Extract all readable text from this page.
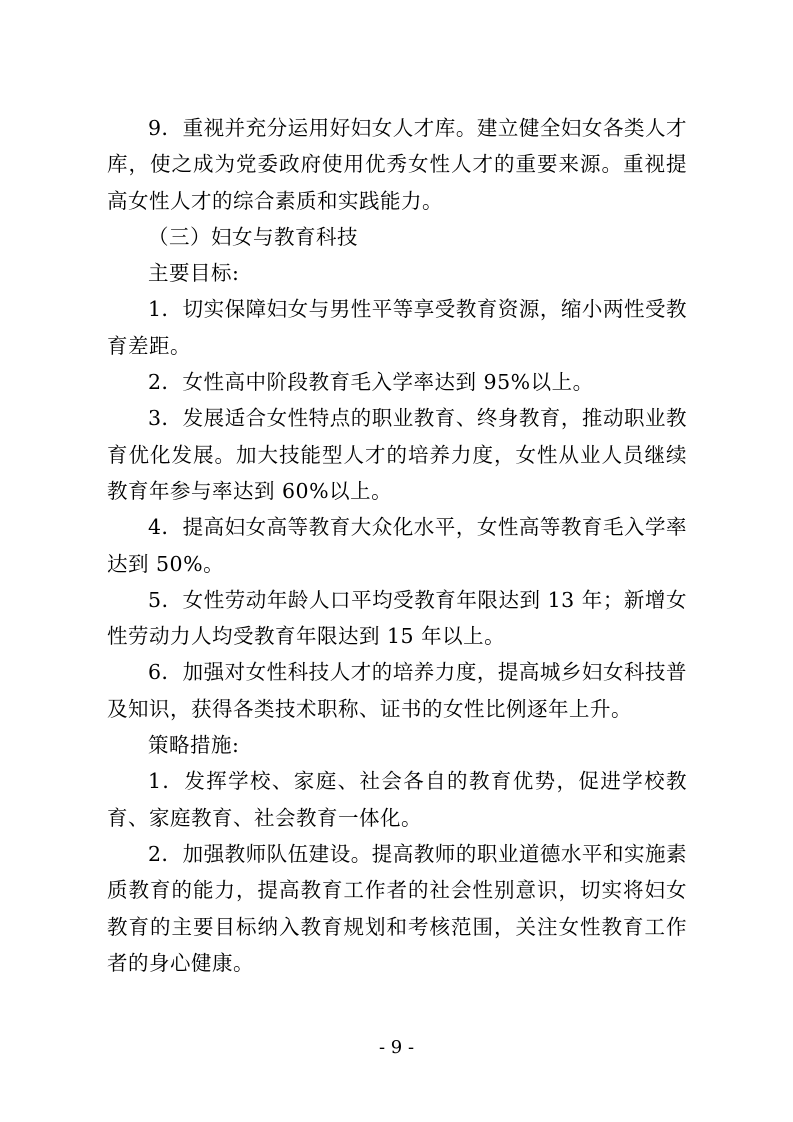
9．重视并充分运用好妇女人才库。建立健全妇女各类人才库，使之成为党委政府使用优秀女性人才的重要来源。重视提高女性人才的综合素质和实践能力。

（三）妇女与教育科技

主要目标:

1．切实保障妇女与男性平等享受教育资源，缩小两性受教育差距。

2．女性高中阶段教育毛入学率达到 95%以上。

3．发展适合女性特点的职业教育、终身教育，推动职业教育优化发展。加大技能型人才的培养力度，女性从业人员继续教育年参与率达到 60%以上。

4．提高妇女高等教育大众化水平，女性高等教育毛入学率达到 50%。

5．女性劳动年龄人口平均受教育年限达到 13 年；新增女性劳动力人均受教育年限达到 15 年以上。

6．加强对女性科技人才的培养力度，提高城乡妇女科技普及知识，获得各类技术职称、证书的女性比例逐年上升。

策略措施:

1．发挥学校、家庭、社会各自的教育优势，促进学校教育、家庭教育、社会教育一体化。

2．加强教师队伍建设。提高教师的职业道德水平和实施素质教育的能力，提高教育工作者的社会性别意识，切实将妇女教育的主要目标纳入教育规划和考核范围，关注女性教育工作者的身心健康。

- 9 -
